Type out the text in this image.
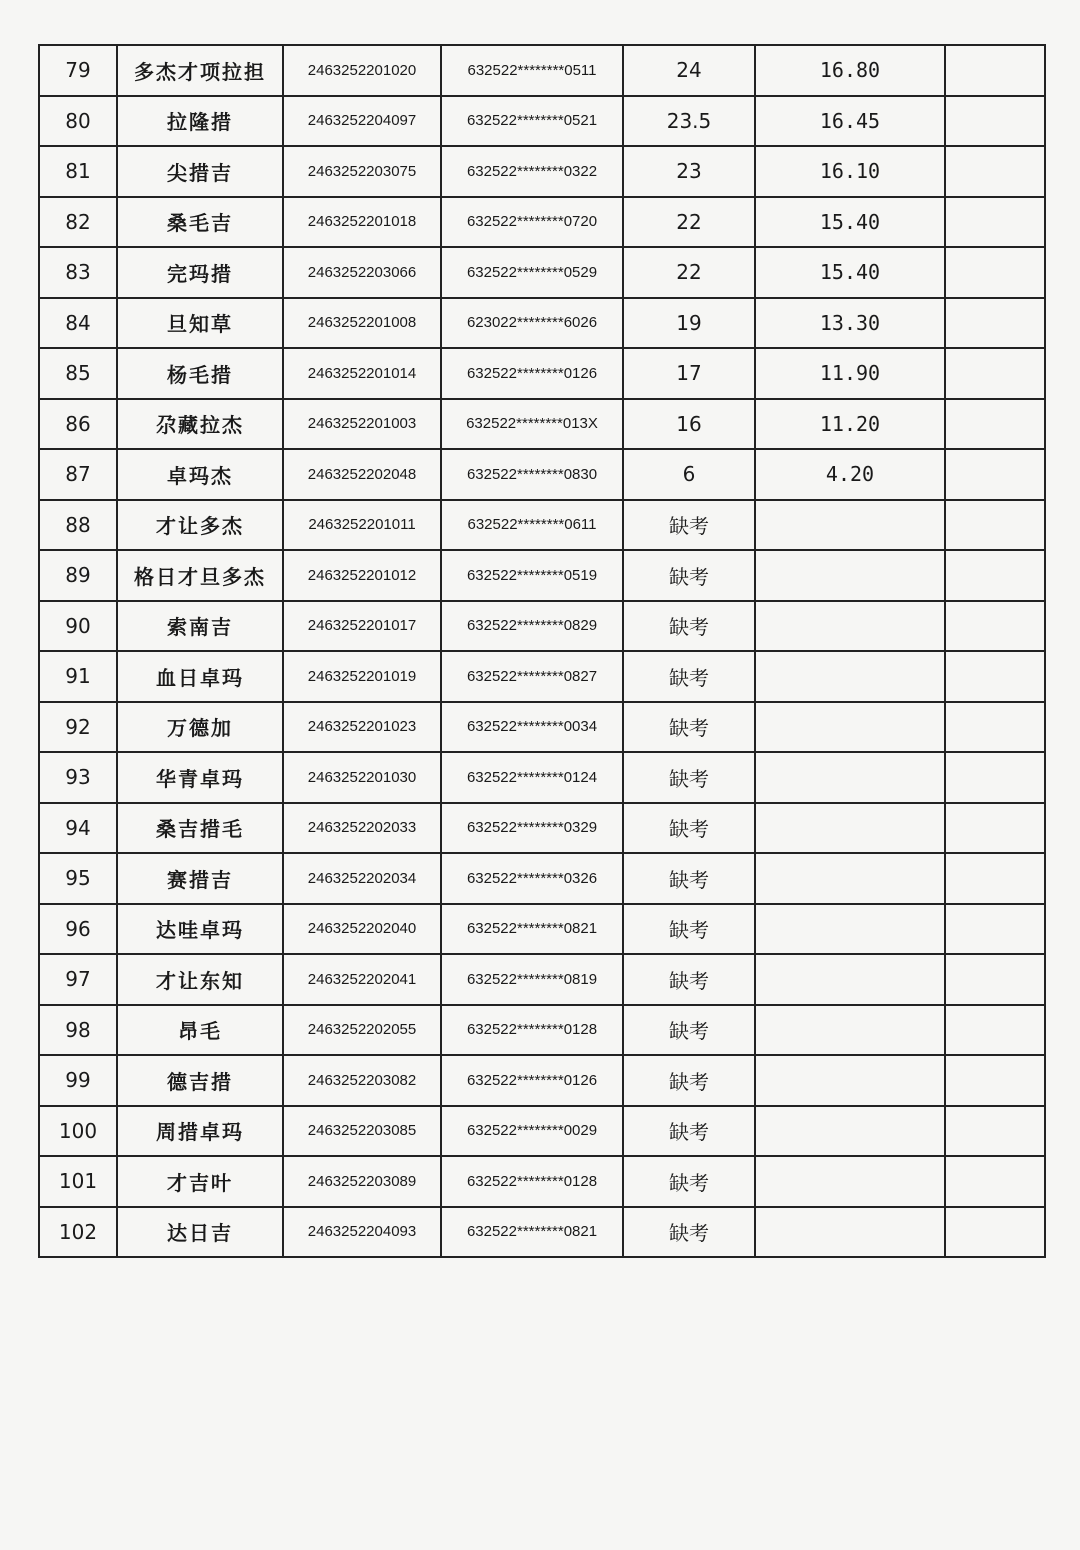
79	多杰才项拉担	2463252201020	632522********0511	24	16.80	
80	拉隆措	2463252204097	632522********0521	23.5	16.45	
81	尖措吉	2463252203075	632522********0322	23	16.10	
82	桑毛吉	2463252201018	632522********0720	22	15.40	
83	完玛措	2463252203066	632522********0529	22	15.40	
84	旦知草	2463252201008	623022********6026	19	13.30	
85	杨毛措	2463252201014	632522********0126	17	11.90	
86	尕藏拉杰	2463252201003	632522********013X	16	11.20	
87	卓玛杰	2463252202048	632522********0830	6	4.20	
88	才让多杰	2463252201011	632522********0611	缺考		
89	格日才旦多杰	2463252201012	632522********0519	缺考		
90	索南吉	2463252201017	632522********0829	缺考		
91	血日卓玛	2463252201019	632522********0827	缺考		
92	万德加	2463252201023	632522********0034	缺考		
93	华青卓玛	2463252201030	632522********0124	缺考		
94	桑吉措毛	2463252202033	632522********0329	缺考		
95	赛措吉	2463252202034	632522********0326	缺考		
96	达哇卓玛	2463252202040	632522********0821	缺考		
97	才让东知	2463252202041	632522********0819	缺考		
98	昂毛	2463252202055	632522********0128	缺考		
99	德吉措	2463252203082	632522********0126	缺考		
100	周措卓玛	2463252203085	632522********0029	缺考		
101	才吉叶	2463252203089	632522********0128	缺考		
102	达日吉	2463252204093	632522********0821	缺考		
